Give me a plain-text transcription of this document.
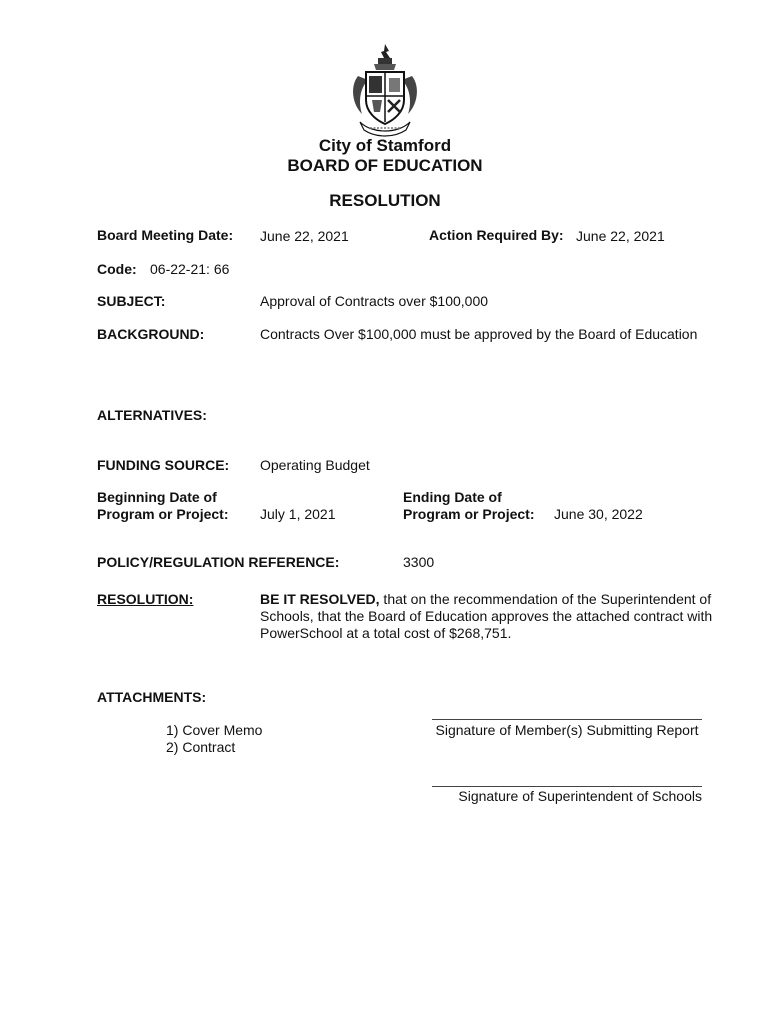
City of Stamford
BOARD OF EDUCATION
RESOLUTION
Board Meeting Date: June 22, 2021	Action Required By: June 22, 2021
Code: 06-22-21: 66
SUBJECT:	Approval of Contracts over $100,000
BACKGROUND:	Contracts Over $100,000 must be approved by the Board of Education
ALTERNATIVES:
FUNDING SOURCE: Operating Budget
Beginning Date of
Program or Project: July 1, 2021
Ending Date of
Program or Project: June 30, 2022
POLICY/REGULATION REFERENCE:	3300
RESOLUTION:	BE IT RESOLVED, that on the recommendation of the Superintendent of Schools, that the Board of Education approves the attached contract with PowerSchool at a total cost of $268,751.
ATTACHMENTS:
1) Cover Memo
2) Contract
Signature of Member(s) Submitting Report
Signature of Superintendent of Schools
